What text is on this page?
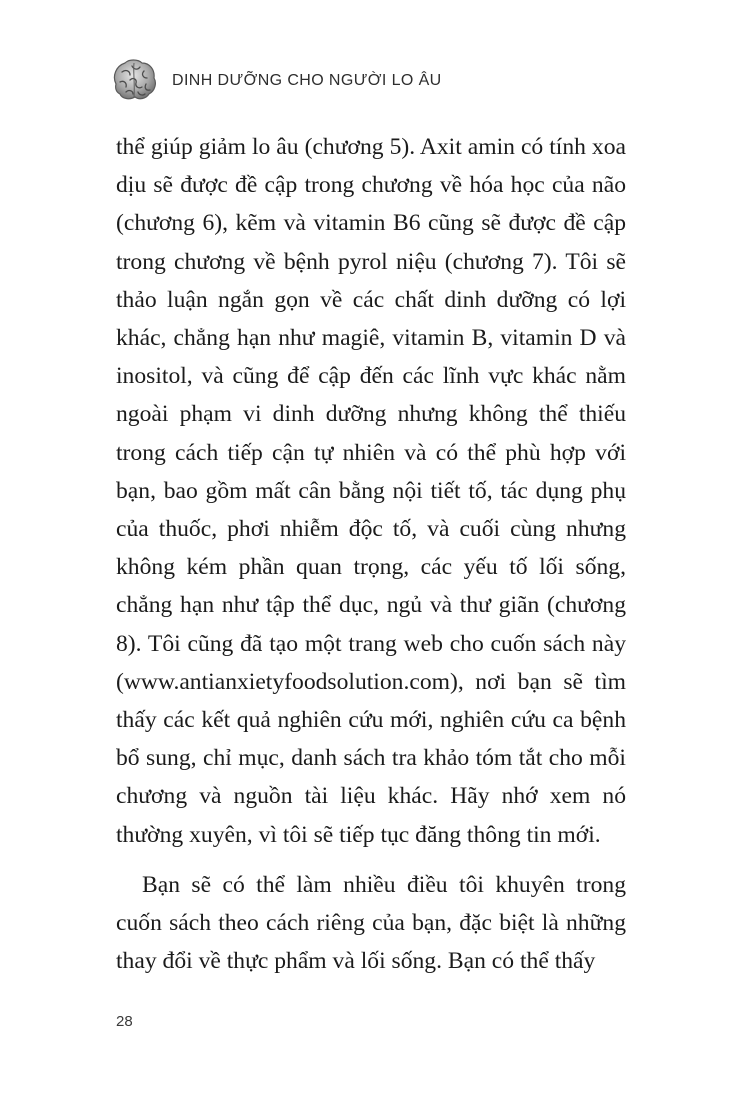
DINH DƯỠNG CHO NGƯỜI LO ÂU

thể giúp giảm lo âu (chương 5). Axit amin có tính xoa dịu sẽ được đề cập trong chương về hóa học của não (chương 6), kẽm và vitamin B6 cũng sẽ được đề cập trong chương về bệnh pyrol niệu (chương 7). Tôi sẽ thảo luận ngắn gọn về các chất dinh dưỡng có lợi khác, chẳng hạn như magiê, vitamin B, vitamin D và inositol, và cũng để cập đến các lĩnh vực khác nằm ngoài phạm vi dinh dưỡng nhưng không thể thiếu trong cách tiếp cận tự nhiên và có thể phù hợp với bạn, bao gồm mất cân bằng nội tiết tố, tác dụng phụ của thuốc, phơi nhiễm độc tố, và cuối cùng nhưng không kém phần quan trọng, các yếu tố lối sống, chẳng hạn như tập thể dục, ngủ và thư giãn (chương 8). Tôi cũng đã tạo một trang web cho cuốn sách này (www.antianxietyfoodsolution.com), nơi bạn sẽ tìm thấy các kết quả nghiên cứu mới, nghiên cứu ca bệnh bổ sung, chỉ mục, danh sách tra khảo tóm tắt cho mỗi chương và nguồn tài liệu khác. Hãy nhớ xem nó thường xuyên, vì tôi sẽ tiếp tục đăng thông tin mới.

Bạn sẽ có thể làm nhiều điều tôi khuyên trong cuốn sách theo cách riêng của bạn, đặc biệt là những thay đổi về thực phẩm và lối sống. Bạn có thể thấy

28
